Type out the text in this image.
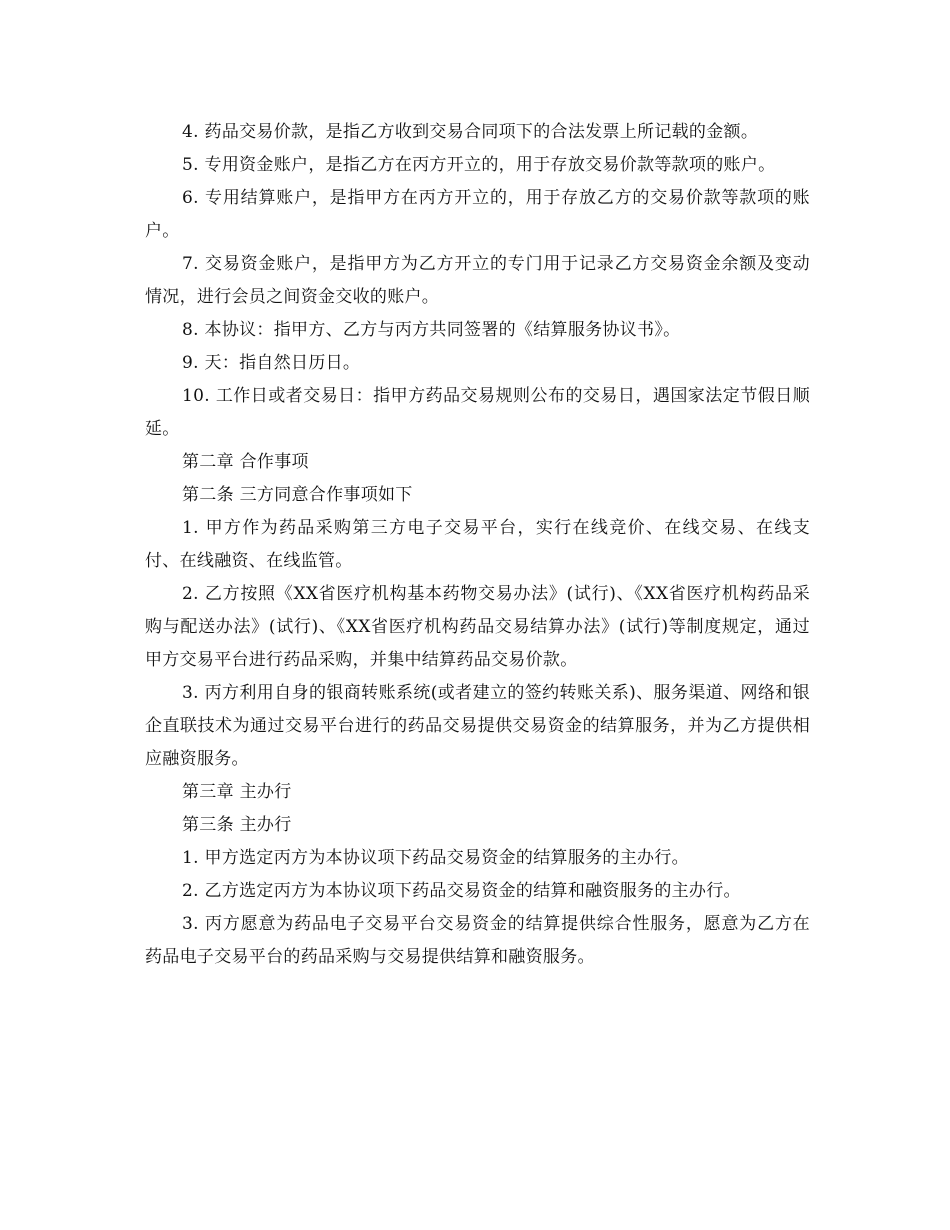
4. 药品交易价款，是指乙方收到交易合同项下的合法发票上所记载的金额。

5. 专用资金账户，是指乙方在丙方开立的，用于存放交易价款等款项的账户。

6. 专用结算账户，是指甲方在丙方开立的，用于存放乙方的交易价款等款项的账户。

7. 交易资金账户，是指甲方为乙方开立的专门用于记录乙方交易资金余额及变动情况，进行会员之间资金交收的账户。

8. 本协议：指甲方、乙方与丙方共同签署的《结算服务协议书》。

9. 天：指自然日历日。

10. 工作日或者交易日：指甲方药品交易规则公布的交易日，遇国家法定节假日顺延。

第二章 合作事项

第二条 三方同意合作事项如下

1. 甲方作为药品采购第三方电子交易平台，实行在线竞价、在线交易、在线支付、在线融资、在线监管。

2. 乙方按照《XX省医疗机构基本药物交易办法》(试行)、《XX省医疗机构药品采购与配送办法》(试行)、《XX省医疗机构药品交易结算办法》(试行)等制度规定，通过甲方交易平台进行药品采购，并集中结算药品交易价款。

3. 丙方利用自身的银商转账系统(或者建立的签约转账关系)、服务渠道、网络和银企直联技术为通过交易平台进行的药品交易提供交易资金的结算服务，并为乙方提供相应融资服务。

第三章 主办行

第三条 主办行

1. 甲方选定丙方为本协议项下药品交易资金的结算服务的主办行。

2. 乙方选定丙方为本协议项下药品交易资金的结算和融资服务的主办行。

3. 丙方愿意为药品电子交易平台交易资金的结算提供综合性服务，愿意为乙方在药品电子交易平台的药品采购与交易提供结算和融资服务。
